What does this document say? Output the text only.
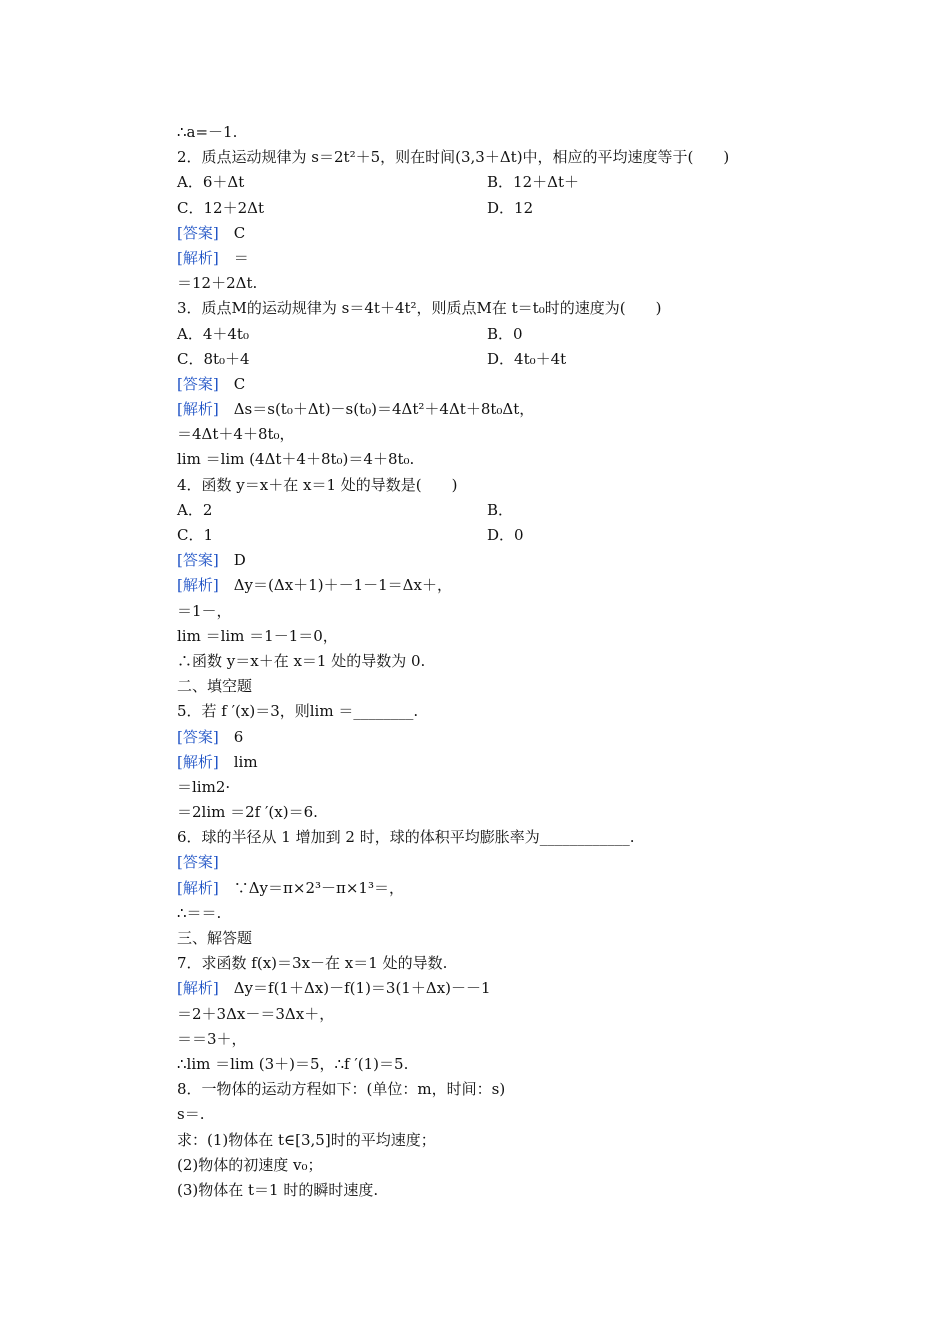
∴a=－1.
2．质点运动规律为 s＝2t²＋5，则在时间(3,3＋Δt)中，相应的平均速度等于(　　)
A．6＋Δt	B．12＋Δt＋
C．12＋2Δt	D．12
[答案]　C
[解析]　＝
＝12＋2Δt.
3．质点M的运动规律为 s＝4t＋4t²，则质点M在 t＝t₀时的速度为(　　)
A．4＋4t₀	B．0
C．8t₀＋4	D．4t₀＋4t
[答案]　C
[解析]　Δs＝s(t₀＋Δt)－s(t₀)＝4Δt²＋4Δt＋8t₀Δt，
＝4Δt＋4＋8t₀，
lim ＝lim (4Δt＋4＋8t₀)＝4＋8t₀.
4．函数 y＝x＋在 x＝1 处的导数是(　　)
A．2	B．
C．1	D．0
[答案]　D
[解析]　Δy＝(Δx＋1)＋－1－1＝Δx＋，
＝1－，
lim ＝lim ＝1－1＝0，
∴函数 y＝x＋在 x＝1 处的导数为 0.
二、填空题
5．若 f ′(x)＝3，则lim ＝________.
[答案]　6
[解析]　lim
＝lim2·
＝2lim ＝2f ′(x)＝6.
6．球的半径从 1 增加到 2 时，球的体积平均膨胀率为____________.
[答案]
[解析]　∵Δy＝π×2³－π×1³＝，
∴＝＝.
三、解答题
7．求函数 f(x)＝3x－在 x＝1 处的导数.
[解析]　Δy＝f(1＋Δx)－f(1)＝3(1＋Δx)－－1
＝2＋3Δx－＝3Δx＋，
＝＝3＋，
∴lim ＝lim (3＋)＝5，∴f ′(1)＝5.
8．一物体的运动方程如下：(单位：m，时间：s)
s＝.
求：(1)物体在 t∈[3,5]时的平均速度；
(2)物体的初速度 v₀；
(3)物体在 t＝1 时的瞬时速度.
